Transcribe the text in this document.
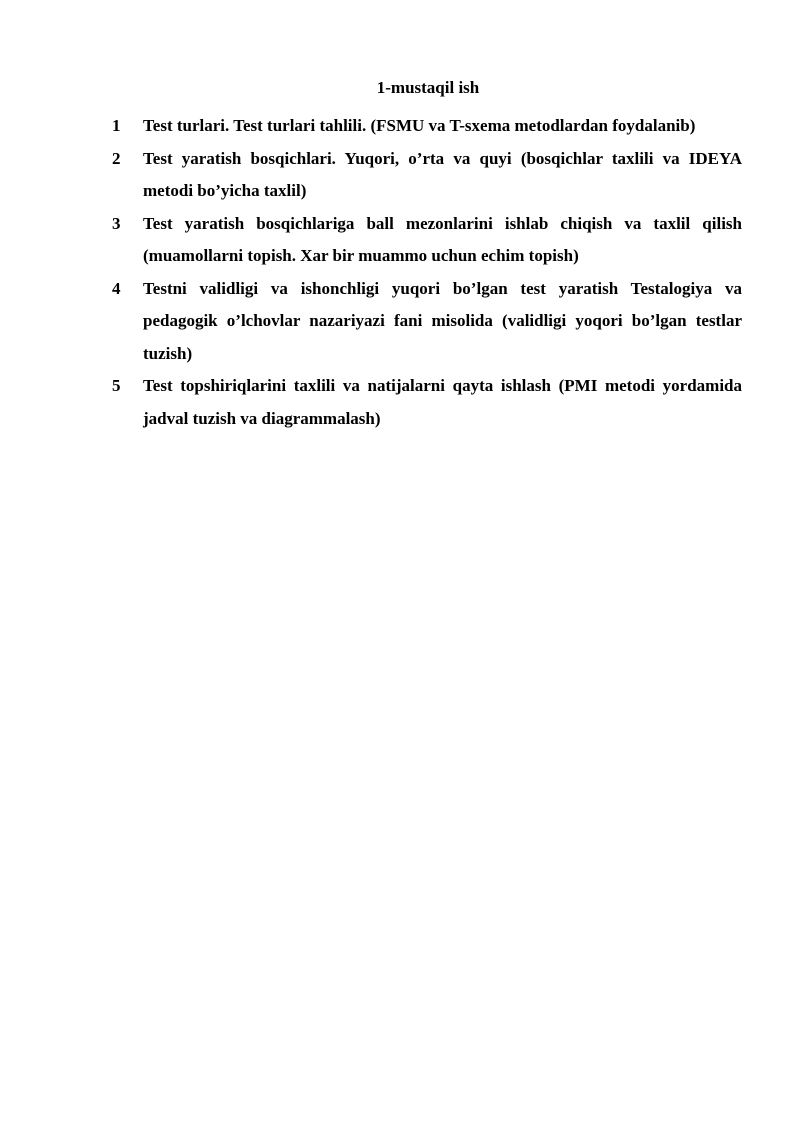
1-mustaqil ish
1	Test turlari. Test turlari tahlili. (FSMU va T-sxema metodlardan foydalanib)
2	Test yaratish bosqichlari. Yuqori, o’rta va quyi (bosqichlar taxlili va IDEYA metodi bo’yicha taxlil)
3	Test yaratish bosqichlariga ball mezonlarini ishlab chiqish va taxlil qilish (muamollarni topish. Xar bir muammo uchun echim topish)
4	Testni validligi va ishonchligi yuqori bo’lgan test yaratish Testalogiya va pedagogik o’lchovlar nazariyazi fani misolida (validligi yoqori bo’lgan testlar tuzish)
5	Test topshiriqlarini taxlili va natijalarni qayta ishlash (PMI metodi yordamida jadval tuzish va diagrammalash)
